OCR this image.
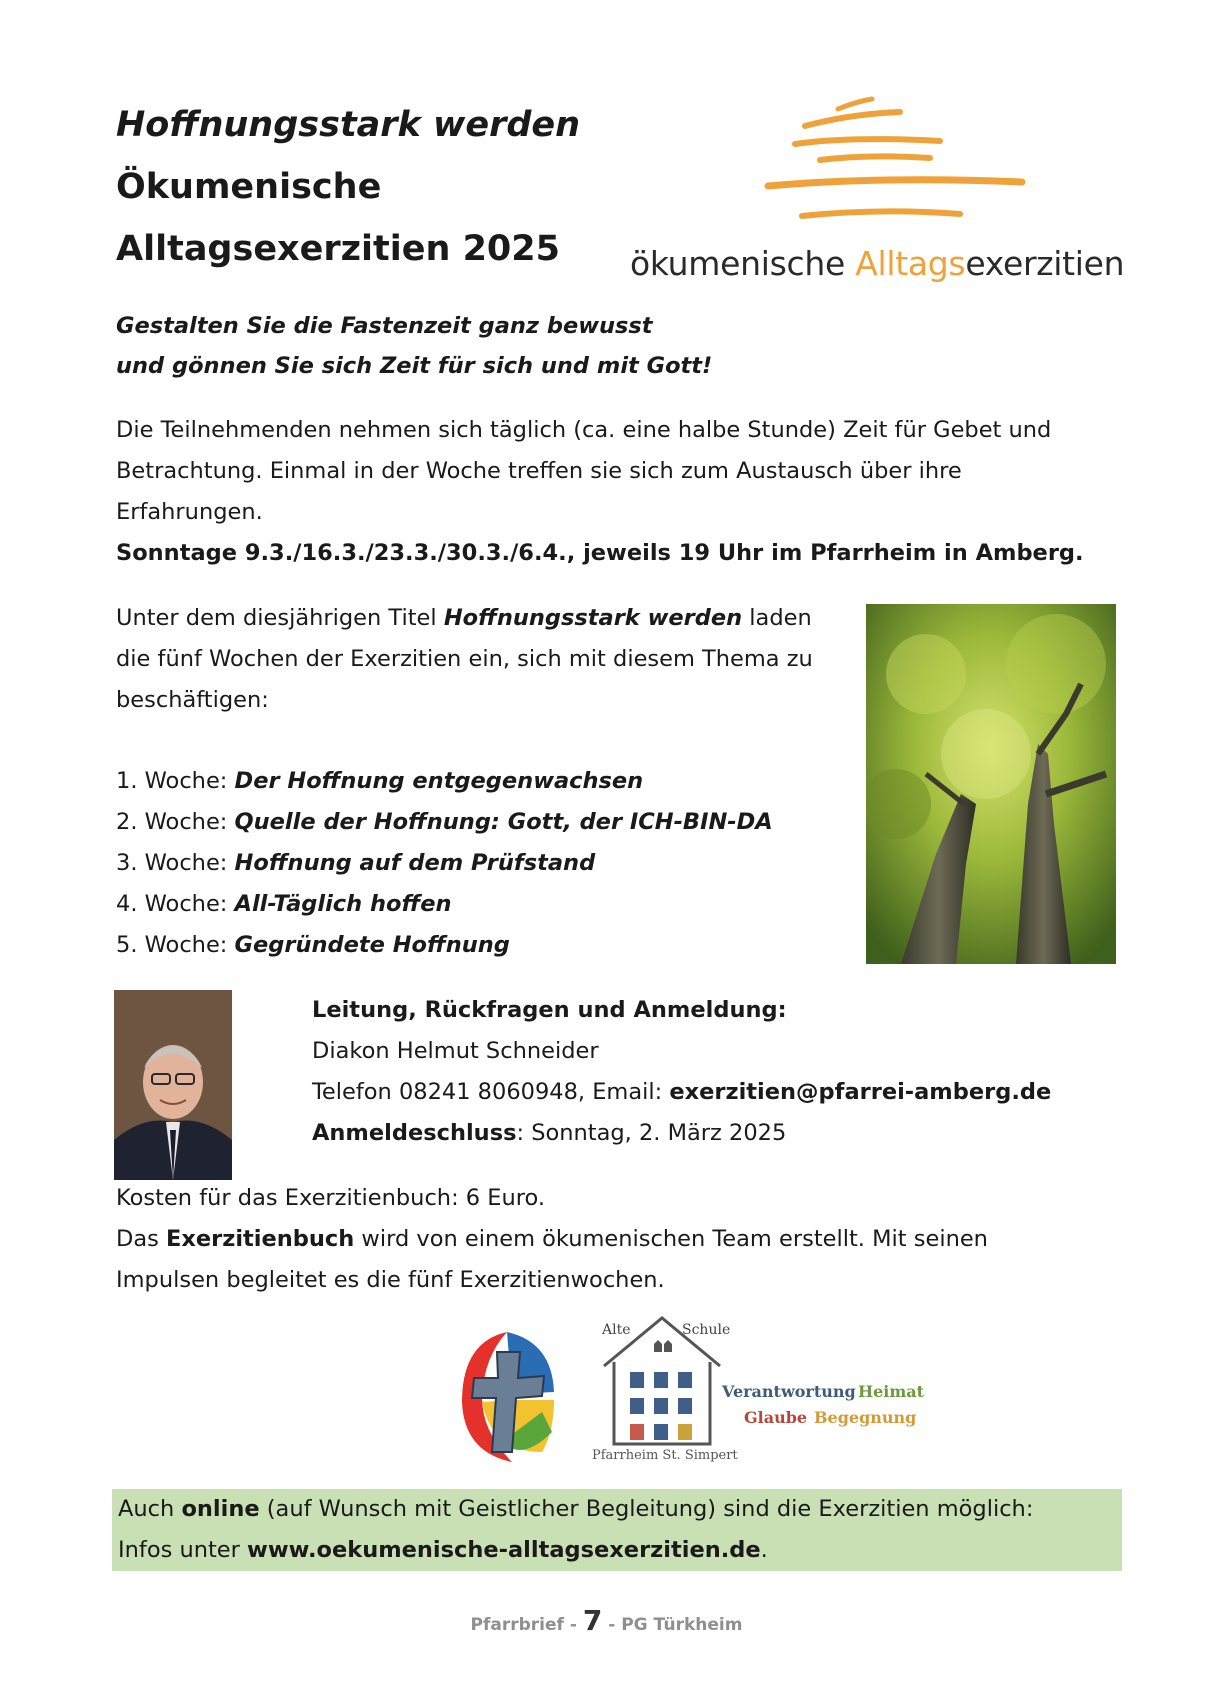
Hoffnungsstark werden
Ökumenische
Alltagsexerzitien 2025	ökumenische Alltagsexerzitien
Gestalten Sie die Fastenzeit ganz bewusst
und gönnen Sie sich Zeit für sich und mit Gott!
Die Teilnehmenden nehmen sich täglich (ca. eine halbe Stunde) Zeit für Gebet und
Betrachtung. Einmal in der Woche treffen sie sich zum Austausch über ihre
Erfahrungen.
Sonntage 9.3./16.3./23.3./30.3./6.4., jeweils 19 Uhr im Pfarrheim in Amberg.
Unter dem diesjährigen Titel Hoffnungsstark werden laden
die fünf Wochen der Exerzitien ein, sich mit diesem Thema zu
beschäftigen:
1. Woche: Der Hoffnung entgegenwachsen
2. Woche: Quelle der Hoffnung: Gott, der ICH-BIN-DA
3. Woche: Hoffnung auf dem Prüfstand
4. Woche: All-Täglich hoffen
5. Woche: Gegründete Hoffnung
Leitung, Rückfragen und Anmeldung:
Diakon Helmut Schneider
Telefon 08241 8060948, Email: exerzitien@pfarrei-amberg.de
Anmeldeschluss: Sonntag, 2. März 2025
Kosten für das Exerzitienbuch: 6 Euro.
Das Exerzitienbuch wird von einem ökumenischen Team erstellt. Mit seinen
Impulsen begleitet es die fünf Exerzitienwochen.
Alte	Schule
Verantwortung Heimat
Glaube Begegnung
Pfarrheim St. Simpert
Auch online (auf Wunsch mit Geistlicher Begleitung) sind die Exerzitien möglich:
Infos unter www.oekumenische-alltagsexerzitien.de.
Pfarrbrief - 7 - PG Türkheim
